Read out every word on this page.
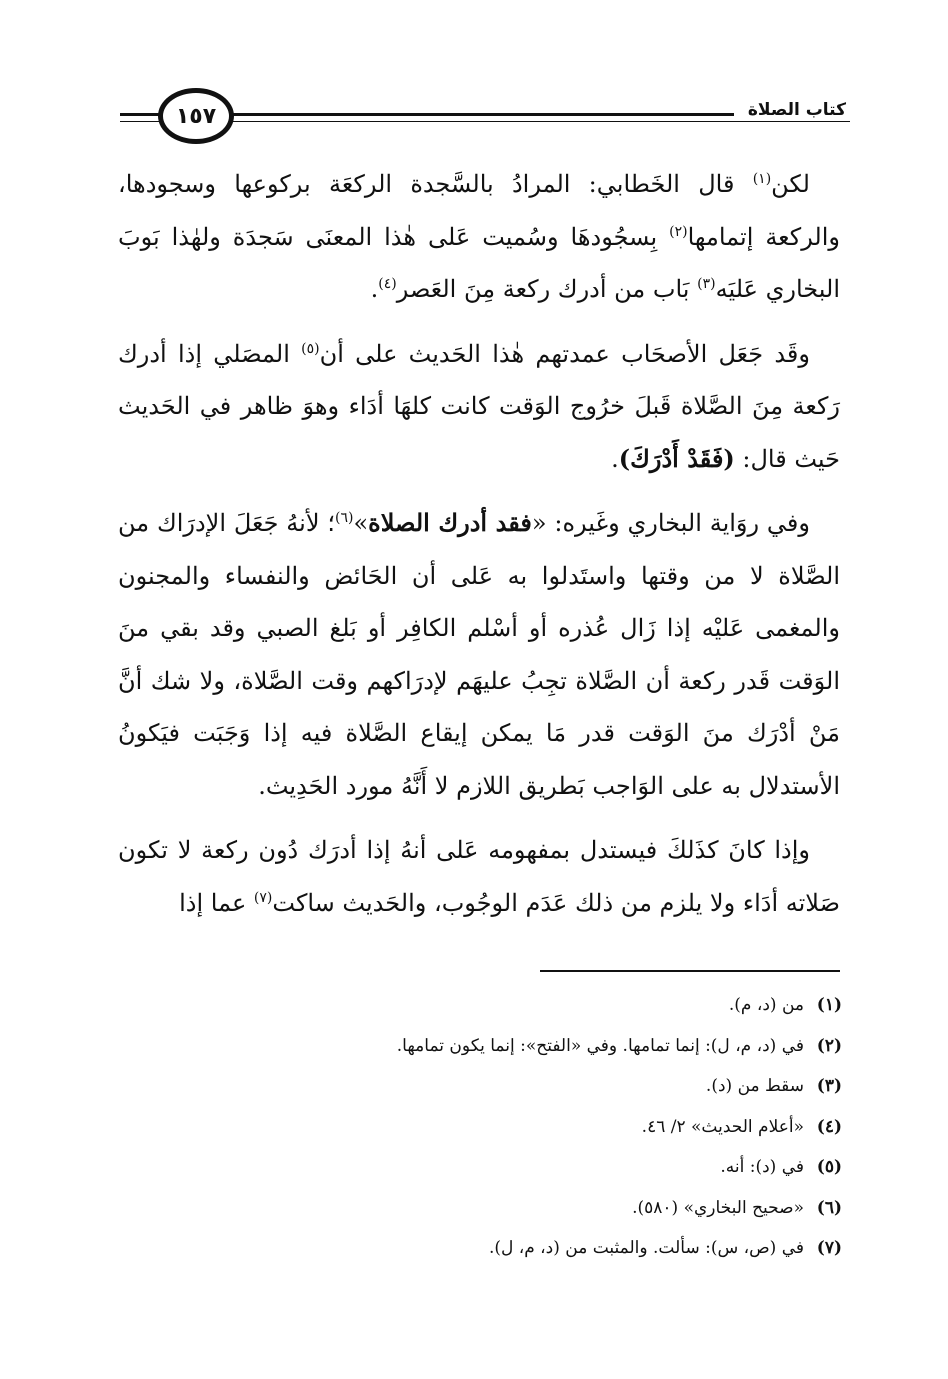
١٥٧	كتاب الصلاة

لكن$^{(١)}$ قال الخَطابي: المرادُ بالسَّجدة الركعَة بركوعها وسجودها، والركعة إتمامها$^{(٢)}$ بِسجُودهَا وسُميت عَلى هٰذا المعنَى سَجدَة ولهٰذا بَوبَ البخاري عَليَه$^{(٣)}$ بَاب من أدرك ركعة مِنَ العَصر$^{(٤)}$.

وقَد جَعَل الأصحَاب عمدتهم هٰذا الحَديث على أن$^{(٥)}$ المصَلي إذا أدرك رَكعة مِنَ الصَّلاة قَبلَ خرُوج الوَقت كانت كلهَا أدَاء وهوَ ظاهر في الحَديث حَيث قال: (فَقَدْ أَدْرَكَ).

وفي روَاية البخاري وغَيره: «فقد أدرك الصلاة»$^{(٦)}$؛ لأنهُ جَعَلَ الإدرَاك من الصَّلاة لا من وقتها واستَدلوا به عَلى أن الحَائض والنفساء والمجنون والمغمى عَليْه إذا زَال عُذره أو أسْلم الكافِر أو بَلغ الصبي وقد بقي منَ الوَقت قَدر ركعة أن الصَّلاة تجِبُ عليهَم لإدرَاكهم وقت الصَّلاة، ولا شك أنَّ مَنْ أدْرَك منَ الوَقت قدر مَا يمكن إيقاع الصَّلاة فيه إذا وَجَبَت فيَكونُ الأستدلال به على الوَاجب بَطريق اللازم لا أَنَّهُ مورد الحَدِيث.

وإذا كانَ كذَلكَ فيستدل بمفهومه عَلى أنهُ إذا أدرَك دُون ركعة لا تكون صَلاته أدَاء ولا يلزم من ذلك عَدَم الوجُوب، والحَديث ساكت$^{(٧)}$ عما إذا

(١)من (د، م).
(٢)في (د، م، ل): إنما تمامها. وفي «الفتح»: إنما يكون تمامها.
(٣)سقط من (د).
(٤)«أعلام الحديث» ٢/ ٤٦.
(٥)في (د): أنه.
(٦)«صحيح البخاري» (٥٨٠).
(٧)في (ص، س): سألت. والمثبت من (د، م، ل).
